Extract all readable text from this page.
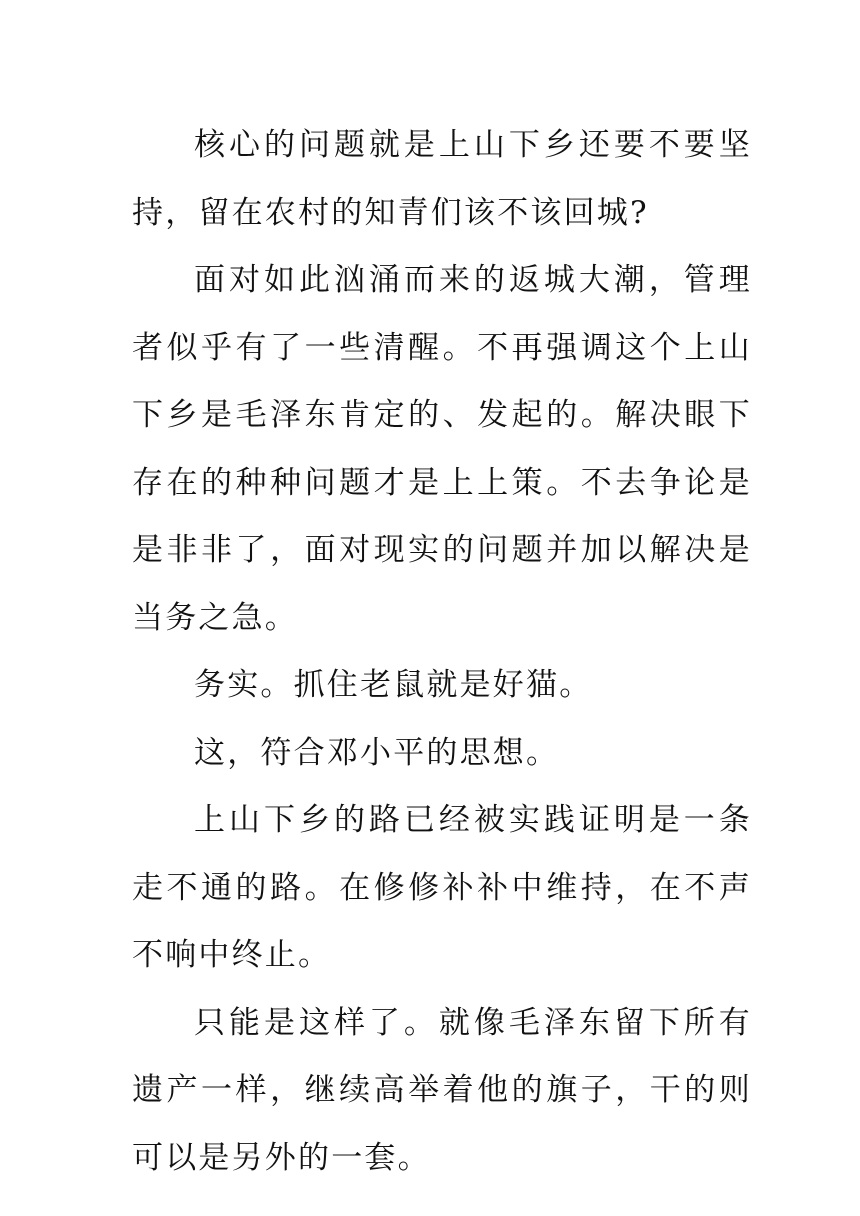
核心的问题就是上山下乡还要不要坚持，留在农村的知青们该不该回城?

面对如此汹涌而来的返城大潮，管理者似乎有了一些清醒。不再强调这个上山下乡是毛泽东肯定的、发起的。解决眼下存在的种种问题才是上上策。不去争论是是非非了，面对现实的问题并加以解决是当务之急。

务实。抓住老鼠就是好猫。

这，符合邓小平的思想。

上山下乡的路已经被实践证明是一条走不通的路。在修修补补中维持，在不声不响中终止。

只能是这样了。就像毛泽东留下所有遗产一样，继续高举着他的旗子，干的则可以是另外的一套。
